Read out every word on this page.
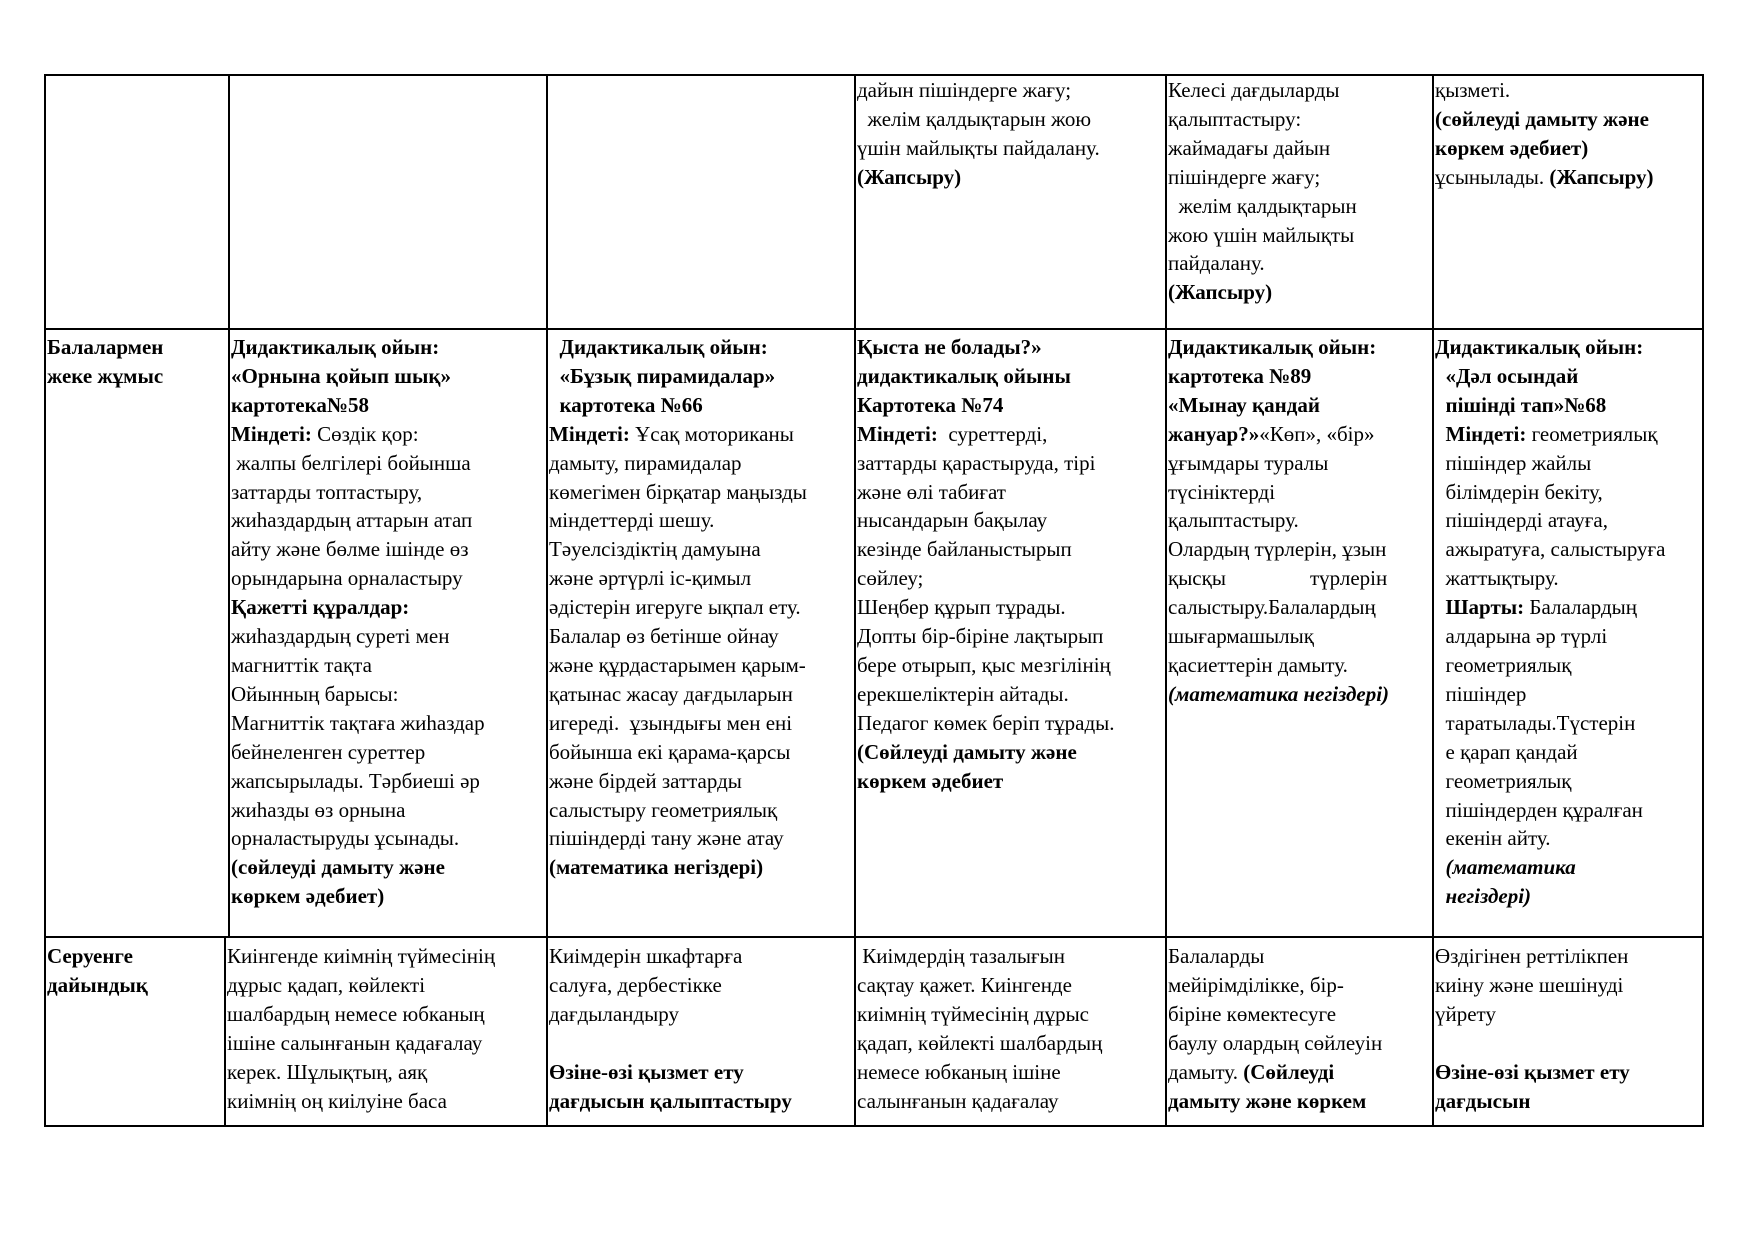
дайын пішіндерге жағу;
желім қалдықтарын жою
үшін майлықты пайдалану.
(Жапсыру)
Келесі дағдыларды
қалыптастыру:
жаймадағы дайын
пішіндерге жағу;
желім қалдықтарын
жою үшін майлықты
пайдалану.
(Жапсыру)
қызметі.
(сөйлеуді дамыту және
көркем әдебиет)
ұсынылады. (Жапсыру)
Балалармен
жеке жұмыс
Дидактикалық ойын:
«Орнына қойып шық»
картотека№58
Міндеті: Сөздік қор:
жалпы белгілері бойынша
заттарды топтастыру,
жиһаздардың аттарын атап
айту және бөлме ішінде өз
орындарына орналастыру
Қажетті құралдар:
жиһаздардың суреті мен
магниттік тақта
Ойынның барысы:
Магниттік тақтаға жиһаздар
бейнеленген суреттер
жапсырылады. Тәрбиеші әр
жиһазды өз орнына
орналастыруды ұсынады.
(сөйлеуді дамыту және
көркем әдебиет)
Дидактикалық ойын:
«Бұзық пирамидалар»
картотека №66
Міндеті: Ұсақ моториканы
дамыту, пирамидалар
көмегімен бірқатар маңызды
міндеттерді шешу.
Тәуелсіздіктің дамуына
және әртүрлі іс-қимыл
әдістерін игеруге ықпал ету.
Балалар өз бетінше ойнау
және құрдастарымен қарым-
қатынас жасау дағдыларын
игереді.  ұзындығы мен ені
бойынша екі қарама-қарсы
және бірдей заттарды
салыстыру геометриялық
пішіндерді тану және атау
(математика негіздері)
Қыста не болады?»
дидактикалық ойыны
Картотека №74
Міндеті:  суреттерді,
заттарды қарастыруда, тірі
және өлі табиғат
нысандарын бақылау
кезінде байланыстырып
сөйлеу;
Шеңбер құрып тұрады.
Допты бір-біріне лақтырып
бере отырып, қыс мезгілінің
ерекшеліктерін айтады.
Педагог көмек беріп тұрады.
(Сөйлеуді дамыту және
көркем әдебиет
Дидактикалық ойын:
картотека №89
«Мынау қандай
жануар?»«Көп», «бір»
ұғымдары туралы
түсініктерді
қалыптастыру.
Олардың түрлерін, ұзын
қысқы                түрлерін
салыстыру.Балалардың
шығармашылық
қасиеттерін дамыту.
(математика негіздері)
Дидактикалық ойын:
«Дәл осындай
пішінді тап»№68
Міндеті: геометриялық
пішіндер жайлы
білімдерін бекіту,
пішіндерді атауға,
ажыратуға, салыстыруға
жаттықтыру.
Шарты: Балалардың
алдарына әр түрлі
геометриялық
пішіндер
таратылады.Түстерін
е қарап қандай
геометриялық
пішіндерден құралған
екенін айту.
(математика
негіздері)
Серуенге
дайындық
Киінгенде киімнің түймесінің
дұрыс қадап, көйлекті
шалбардың немесе юбканың
ішіне салынғанын қадағалау
керек. Шұлықтың, аяқ
киімнің оң киілуіне баса
Киімдерін шкафтарға
салуға, дербестікке
дағдыландыру

Өзіне-өзі қызмет ету
дағдысын қалыптастыру
Киімдердің тазалығын
сақтау қажет. Киінгенде
киімнің түймесінің дұрыс
қадап, көйлекті шалбардың
немесе юбканың ішіне
салынғанын қадағалау
Балаларды
мейірімділікке, бір-
біріне көмектесуге
баулу олардың сөйлеуін
дамыту. (Сөйлеуді
дамыту және көркем
Өздігінен реттілікпен
киіну және шешінуді
үйрету

Өзіне-өзі қызмет ету
дағдысын
